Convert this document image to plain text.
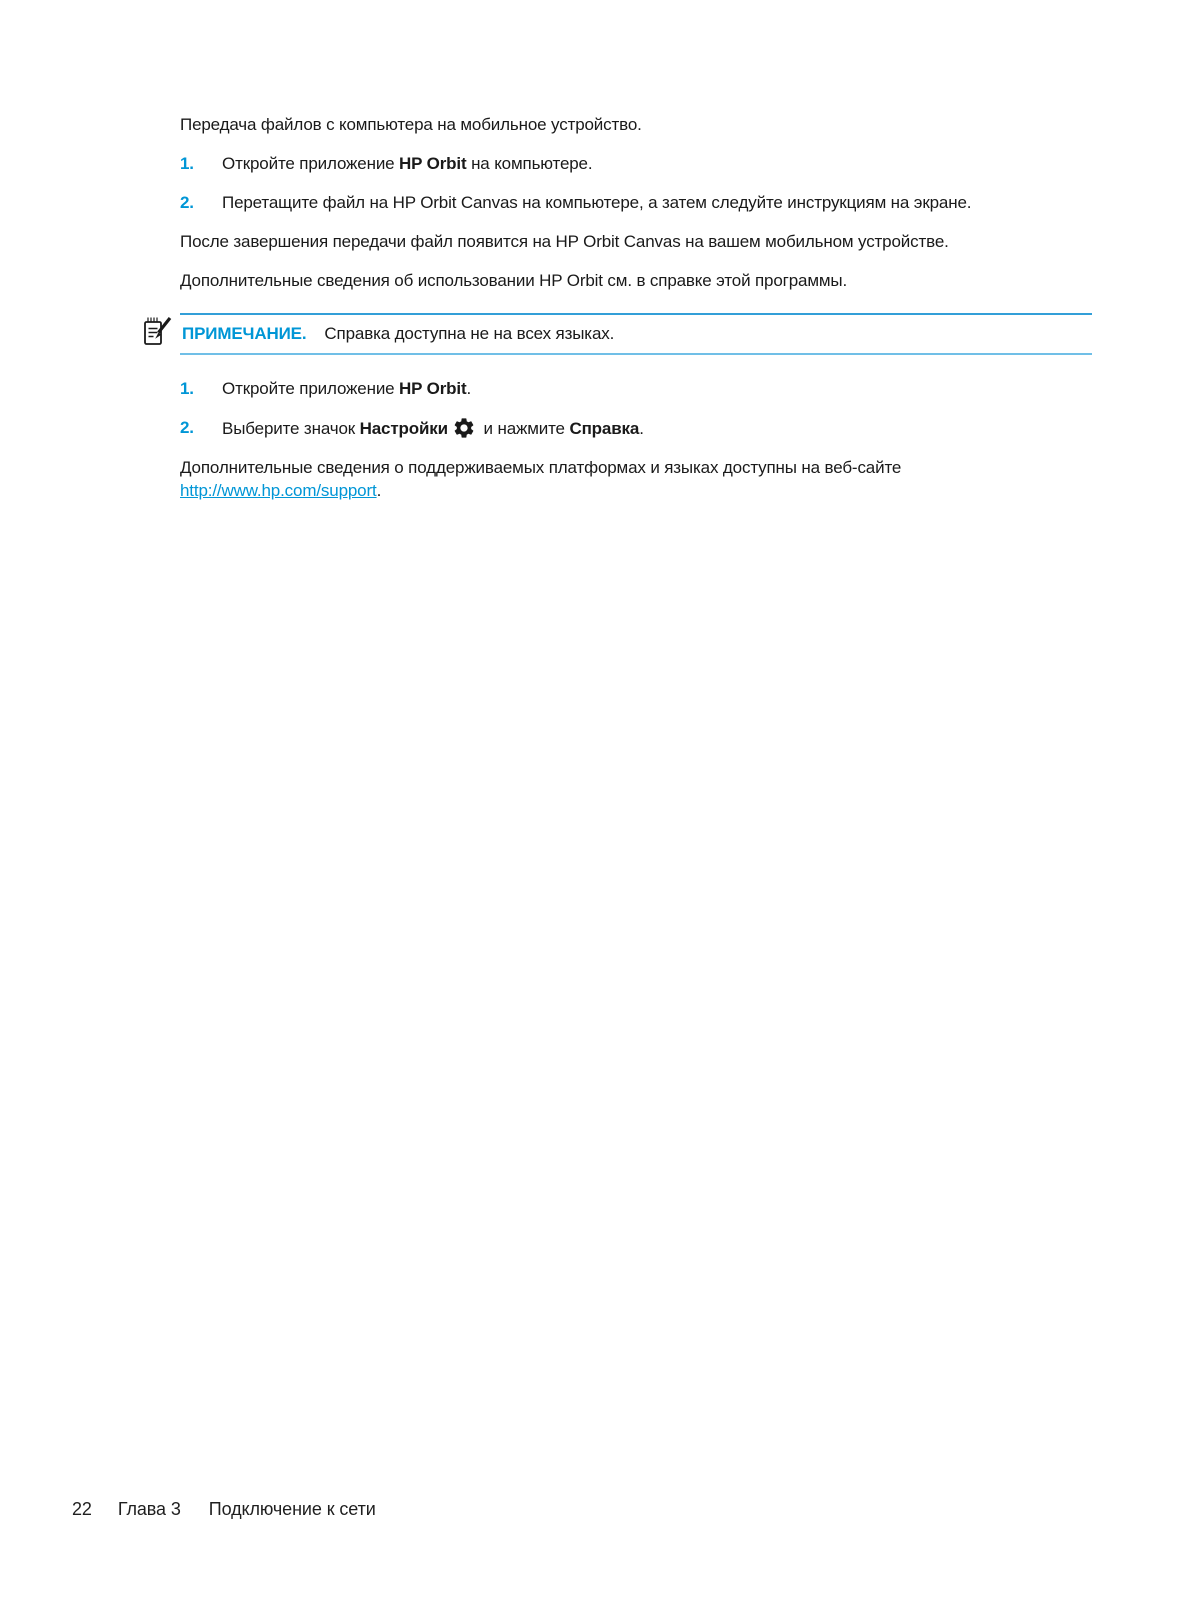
Передача файлов с компьютера на мобильное устройство.

1.	Откройте приложение HP Orbit на компьютере.
2.	Перетащите файл на HP Orbit Canvas на компьютере, а затем следуйте инструкциям на экране.

После завершения передачи файл появится на HP Orbit Canvas на вашем мобильном устройстве.

Дополнительные сведения об использовании HP Orbit см. в справке этой программы.

ПРИМЕЧАНИЕ. Справка доступна не на всех языках.
1.	Откройте приложение HP Orbit.
2.	Выберите значок Настройки и нажмите Справка.

Дополнительные сведения о поддерживаемых платформах и языках доступны на веб-сайте
http://www.hp.com/support.

22 Глава 3 Подключение к сети
